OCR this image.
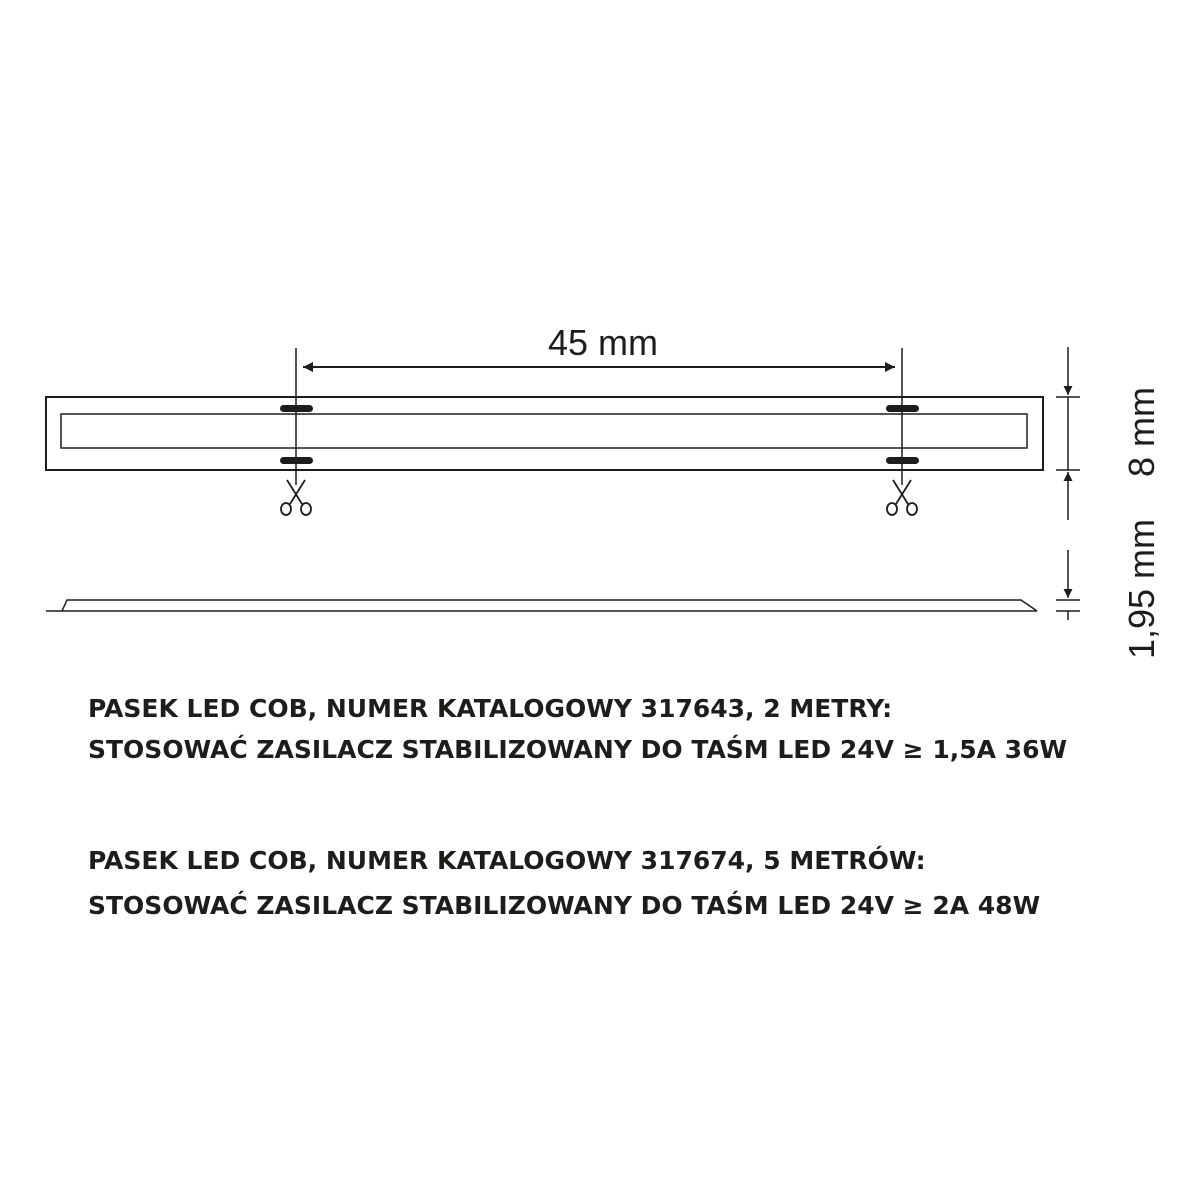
45 mm
8 mm
1,95 mm

PASEK LED COB, NUMER KATALOGOWY 317643, 2 METRY:

STOSOWAĆ ZASILACZ STABILIZOWANY DO TAŚM LED 24V ≥ 1,5A 36W

PASEK LED COB, NUMER KATALOGOWY 317674, 5 METRÓW:

STOSOWAĆ ZASILACZ STABILIZOWANY DO TAŚM LED 24V ≥ 2A 48W
